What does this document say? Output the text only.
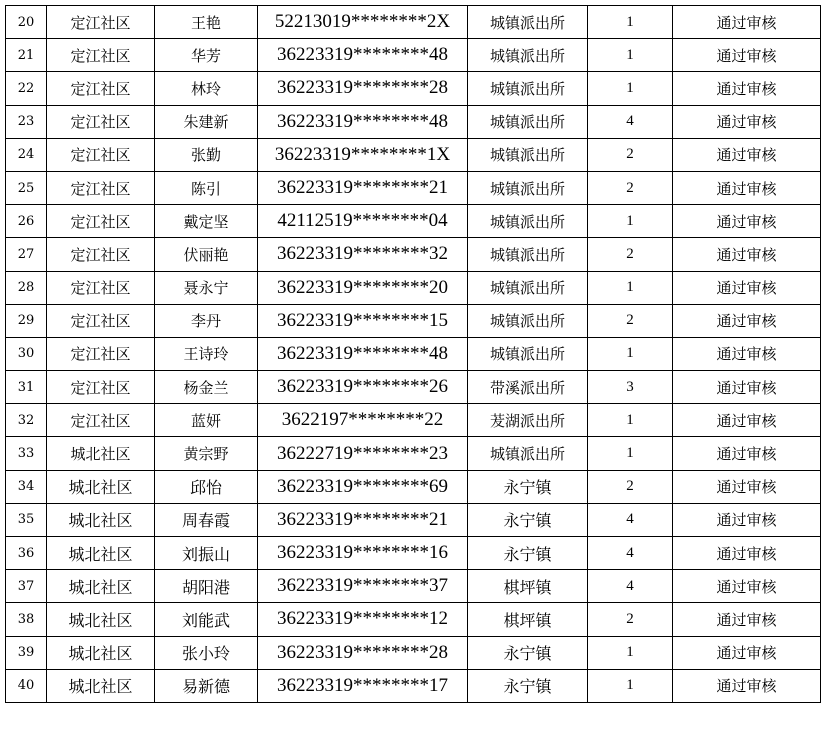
20	定江社区	王艳	52213019********2X	城镇派出所	1	通过审核
21	定江社区	华芳	36223319********48	城镇派出所	1	通过审核
22	定江社区	林玲	36223319********28	城镇派出所	1	通过审核
23	定江社区	朱建新	36223319********48	城镇派出所	4	通过审核
24	定江社区	张勤	36223319********1X	城镇派出所	2	通过审核
25	定江社区	陈引	36223319********21	城镇派出所	2	通过审核
26	定江社区	戴定坚	42112519********04	城镇派出所	1	通过审核
27	定江社区	伏丽艳	36223319********32	城镇派出所	2	通过审核
28	定江社区	聂永宁	36223319********20	城镇派出所	1	通过审核
29	定江社区	李丹	36223319********15	城镇派出所	2	通过审核
30	定江社区	王诗玲	36223319********48	城镇派出所	1	通过审核
31	定江社区	杨金兰	36223319********26	带溪派出所	3	通过审核
32	定江社区	蓝妍	3622197********22	茇湖派出所	1	通过审核
33	城北社区	黄宗野	36222719********23	城镇派出所	1	通过审核
34	城北社区	邱怡	36223319********69	永宁镇	2	通过审核
35	城北社区	周春霞	36223319********21	永宁镇	4	通过审核
36	城北社区	刘振山	36223319********16	永宁镇	4	通过审核
37	城北社区	胡阳港	36223319********37	棋坪镇	4	通过审核
38	城北社区	刘能武	36223319********12	棋坪镇	2	通过审核
39	城北社区	张小玲	36223319********28	永宁镇	1	通过审核
40	城北社区	易新德	36223319********17	永宁镇	1	通过审核
